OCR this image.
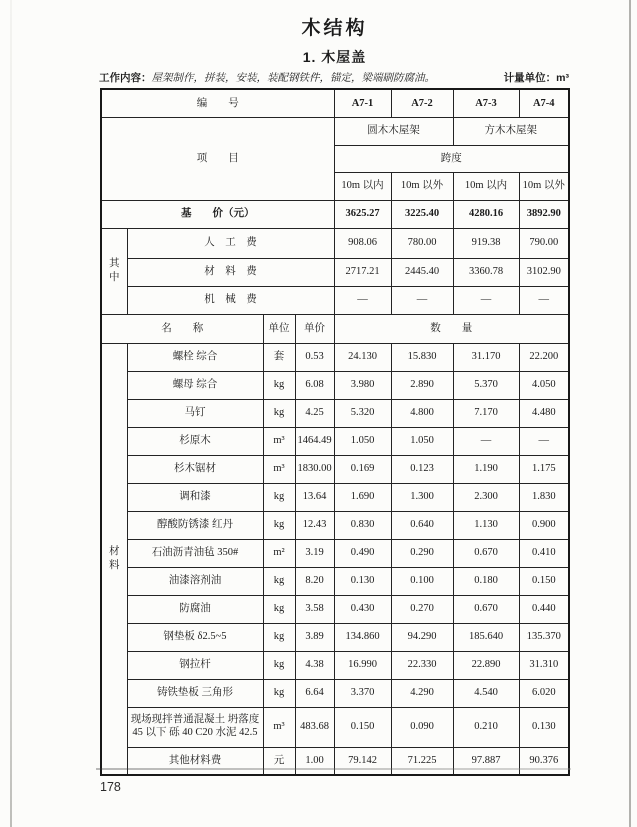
木结构
1. 木屋盖
工作内容：屋架制作，拼装，安装，装配钢铁件，锚定，梁端刷防腐油。	计量单位：m³
编　　号				A7-1	A7-2	A7-3	A7-4
项　　目				圆木木屋架		方木木屋架	
				跨度			
				10m 以内	10m 以外	10m 以内	10m 以外
基　　价（元）				3625.27	3225.40	4280.16	3892.90
其中	人　工　费			908.06	780.00	919.38	790.00
	材　料　费			2717.21	2445.40	3360.78	3102.90
	机　械　费			—	—	—	—
名　　称		单位	单价	数　　量			
材料	螺栓 综合	套	0.53	24.130	15.830	31.170	22.200
	螺母 综合	kg	6.08	3.980	2.890	5.370	4.050
	马钉	kg	4.25	5.320	4.800	7.170	4.480
	杉原木	m³	1464.49	1.050	1.050	—	—
	杉木锯材	m³	1830.00	0.169	0.123	1.190	1.175
	调和漆	kg	13.64	1.690	1.300	2.300	1.830
	醇酸防锈漆 红丹	kg	12.43	0.830	0.640	1.130	0.900
	石油沥青油毡 350#	m²	3.19	0.490	0.290	0.670	0.410
	油漆溶剂油	kg	8.20	0.130	0.100	0.180	0.150
	防腐油	kg	3.58	0.430	0.270	0.670	0.440
	钢垫板 δ2.5~5	kg	3.89	134.860	94.290	185.640	135.370
	钢拉杆	kg	4.38	16.990	22.330	22.890	31.310
	铸铁垫板 三角形	kg	6.64	3.370	4.290	4.540	6.020
	现场现拌普通混凝土 坍落度 45 以下 砾 40 C20 水泥 42.5	m³	483.68	0.150	0.090	0.210	0.130
	其他材料费	元	1.00	79.142	71.225	97.887	90.376
178
